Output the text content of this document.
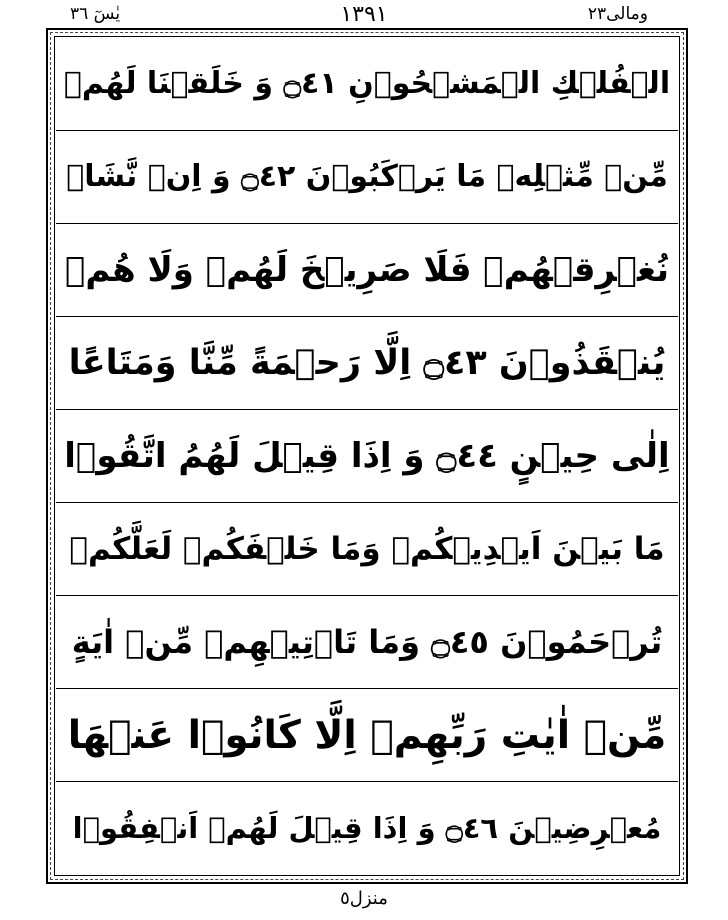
يٰسٓ ٣٦	١٣٩١	ومالی٢٣
الۡفُلۡكِ الۡمَشۡحُوۡنِ ۝٤١ وَ خَلَقۡنَا لَهُمۡ
مِّنۡ مِّثۡلِهٖ مَا يَرۡكَبُوۡنَ ۝٤٢ وَ اِنۡ نَّشَاۡ
نُغۡرِقۡهُمۡ فَلَا صَرِيۡخَ لَهُمۡ وَلَا هُمۡ
يُنۡقَذُوۡنَ ۝٤٣ اِلَّا رَحۡمَةً مِّنَّا وَمَتَاعًا
اِلٰى حِيۡنٍ ۝٤٤ وَ اِذَا قِيۡلَ لَهُمُ اتَّقُوۡا
مَا بَيۡنَ اَيۡدِيۡكُمۡ وَمَا خَلۡفَكُمۡ لَعَلَّكُمۡ
تُرۡحَمُوۡنَ ۝٤٥ وَمَا تَاۡتِيۡهِمۡ مِّنۡ اٰيَةٍ
مِّنۡ اٰيٰتِ رَبِّهِمۡ اِلَّا كَانُوۡا عَنۡهَا
مُعۡرِضِيۡنَ ۝٤٦ وَ اِذَا قِيۡلَ لَهُمۡ اَنۡفِقُوۡا
منزل٥
